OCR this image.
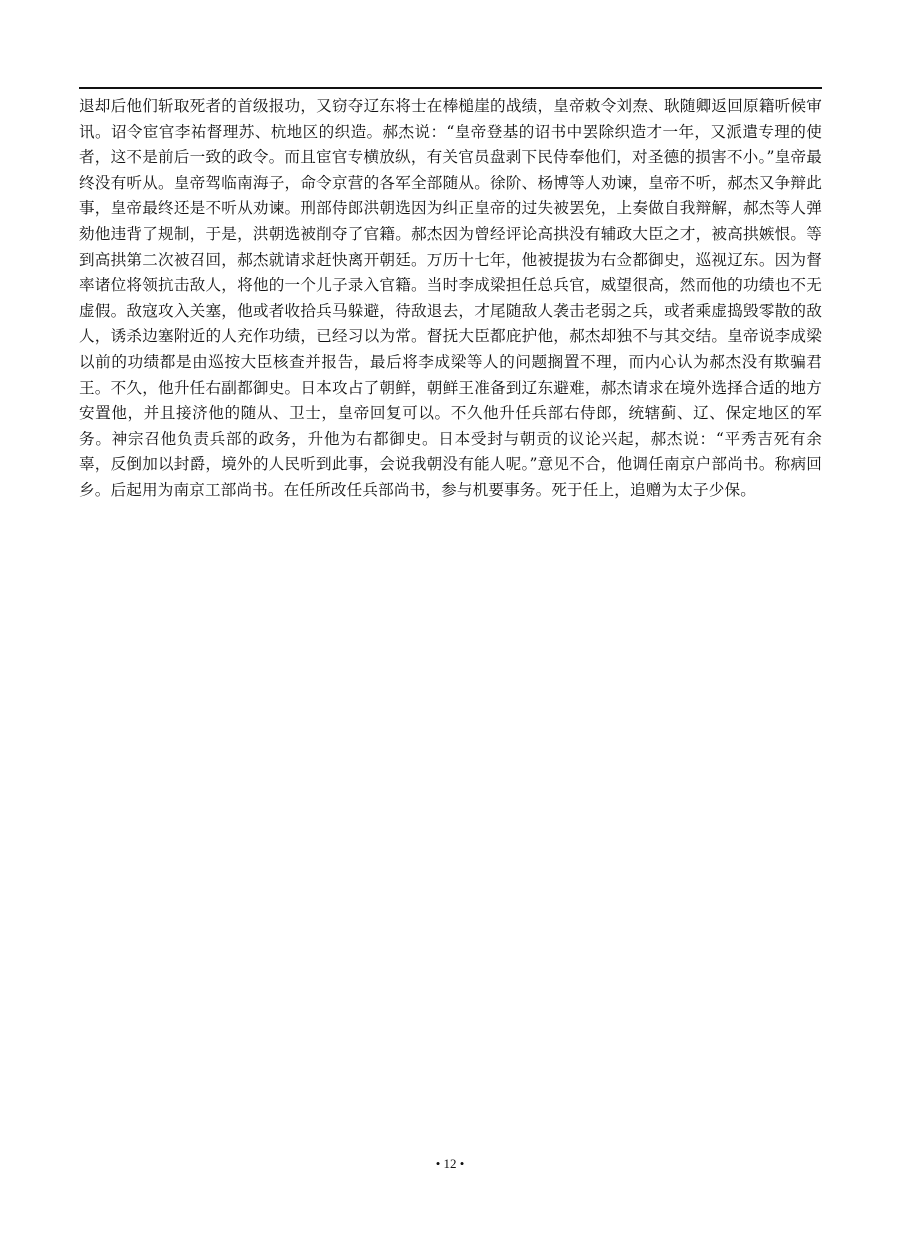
退却后他们斩取死者的首级报功，又窃夺辽东将士在棒槌崖的战绩，皇帝敕令刘焘、耿随卿返回原籍听候审讯。诏令宦官李祐督理苏、杭地区的织造。郝杰说：“皇帝登基的诏书中罢除织造才一年，又派遣专理的使者，这不是前后一致的政令。而且宦官专横放纵，有关官员盘剥下民侍奉他们，对圣德的损害不小。”皇帝最终没有听从。皇帝驾临南海子，命令京营的各军全部随从。徐阶、杨博等人劝谏，皇帝不听，郝杰又争辩此事，皇帝最终还是不听从劝谏。刑部侍郎洪朝选因为纠正皇帝的过失被罢免，上奏做自我辩解，郝杰等人弹劾他违背了规制，于是，洪朝选被削夺了官籍。郝杰因为曾经评论高拱没有辅政大臣之才，被高拱嫉恨。等到高拱第二次被召回，郝杰就请求赶快离开朝廷。万历十七年，他被提拔为右佥都御史，巡视辽东。因为督率诸位将领抗击敌人，将他的一个儿子录入官籍。当时李成梁担任总兵官，威望很高，然而他的功绩也不无虚假。敌寇攻入关塞，他或者收拾兵马躲避，待敌退去，才尾随敌人袭击老弱之兵，或者乘虚捣毁零散的敌人，诱杀边塞附近的人充作功绩，已经习以为常。督抚大臣都庇护他，郝杰却独不与其交结。皇帝说李成梁以前的功绩都是由巡按大臣核查并报告，最后将李成梁等人的问题搁置不理，而内心认为郝杰没有欺骗君王。不久，他升任右副都御史。日本攻占了朝鲜，朝鲜王准备到辽东避难，郝杰请求在境外选择合适的地方安置他，并且接济他的随从、卫士，皇帝回复可以。不久他升任兵部右侍郎，统辖蓟、辽、保定地区的军务。神宗召他负责兵部的政务，升他为右都御史。日本受封与朝贡的议论兴起，郝杰说：“平秀吉死有余辜，反倒加以封爵，境外的人民听到此事，会说我朝没有能人呢。”意见不合，他调任南京户部尚书。称病回乡。后起用为南京工部尚书。在任所改任兵部尚书，参与机要事务。死于任上，追赠为太子少保。

• 12 •
